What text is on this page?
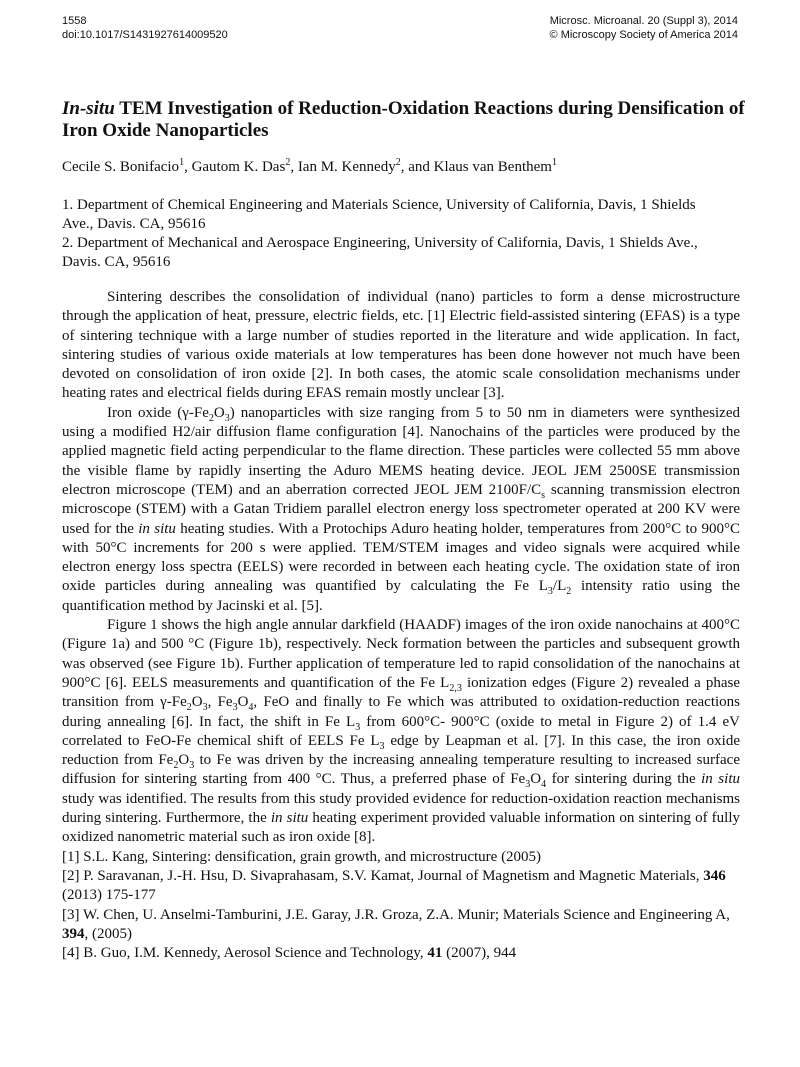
1558
doi:10.1017/S1431927614009520
Microsc. Microanal. 20 (Suppl 3), 2014
© Microscopy Society of America 2014
In-situ TEM Investigation of Reduction-Oxidation Reactions during Densification of Iron Oxide Nanoparticles
Cecile S. Bonifacio$^1$, Gautom K. Das$^2$, Ian M. Kennedy$^2$, and Klaus van Benthem$^1$
1. Department of Chemical Engineering and Materials Science, University of California, Davis, 1 Shields Ave., Davis. CA, 95616
2. Department of Mechanical and Aerospace Engineering, University of California, Davis, 1 Shields Ave., Davis. CA, 95616

Sintering describes the consolidation of individual (nano) particles to form a dense microstructure through the application of heat, pressure, electric fields, etc. [1] Electric field-assisted sintering (EFAS) is a type of sintering technique with a large number of studies reported in the literature and wide application. In fact, sintering studies of various oxide materials at low temperatures has been done however not much have been devoted on consolidation of iron oxide [2]. In both cases, the atomic scale consolidation mechanisms under heating rates and electrical fields during EFAS remain mostly unclear [3].

Iron oxide $(\gamma-Fe_2O_3)$ nanoparticles with size ranging from 5 to 50 nm in diameters were synthesized using a modified H2/air diffusion flame configuration [4]. Nanochains of the particles were produced by the applied magnetic field acting perpendicular to the flame direction. These particles were collected 55 mm above the visible flame by rapidly inserting the Aduro MEMS heating device. JEOL JEM 2500SE transmission electron microscope (TEM) and an aberration corrected JEOL JEM $2100F/C_s$ scanning transmission electron microscope (STEM) with a Gatan Tridiem parallel electron energy loss spectrometer operated at 200 KV were used for the in situ heating studies. With a Protochips Aduro heating holder, temperatures from 200°C to 900°C with 50°C increments for 200 s were applied. TEM/STEM images and video signals were acquired while electron energy loss spectra (EELS) were recorded in between each heating cycle. The oxidation state of iron oxide particles during annealing was quantified by calculating the Fe $L_3/L_2$ intensity ratio using the quantification method by Jacinski et al. [5].

Figure 1 shows the high angle annular darkfield (HAADF) images of the iron oxide nanochains at 400°C (Figure 1a) and 500 °C (Figure 1b), respectively. Neck formation between the particles and subsequent growth was observed (see Figure 1b). Further application of temperature led to rapid consolidation of the nanochains at 900°C [6]. EELS measurements and quantification of the Fe $L_{2,3}$ ionization edges (Figure 2) revealed a phase transition from $\gamma-Fe_2O_3$, $Fe_3O_4$, FeO and finally to Fe which was attributed to oxidation-reduction reactions during annealing [6]. In fact, the shift in Fe $L_3$ from 600°C- 900°C (oxide to metal in Figure 2) of 1.4 eV correlated to FeO-Fe chemical shift of EELS Fe $L_3$ edge by Leapman et al. [7]. In this case, the iron oxide reduction from $Fe_2O_3$ to Fe was driven by the increasing annealing temperature resulting to increased surface diffusion for sintering starting from 400 °C. Thus, a preferred phase of $Fe_3O_4$ for sintering during the in situ study was identified. The results from this study provided evidence for reduction-oxidation reaction mechanisms during sintering. Furthermore, the in situ heating experiment provided valuable information on sintering of fully oxidized nanometric material such as iron oxide [8].

[1] S.L. Kang, Sintering: densification, grain growth, and microstructure (2005)

[2] P. Saravanan, J.-H. Hsu, D. Sivaprahasam, S.V. Kamat, Journal of Magnetism and Magnetic Materials, 346 (2013) 175-177

[3] W. Chen, U. Anselmi-Tamburini, J.E. Garay, J.R. Groza, Z.A. Munir; Materials Science and Engineering A, 394, (2005)

[4] B. Guo, I.M. Kennedy, Aerosol Science and Technology, 41 (2007), 944
